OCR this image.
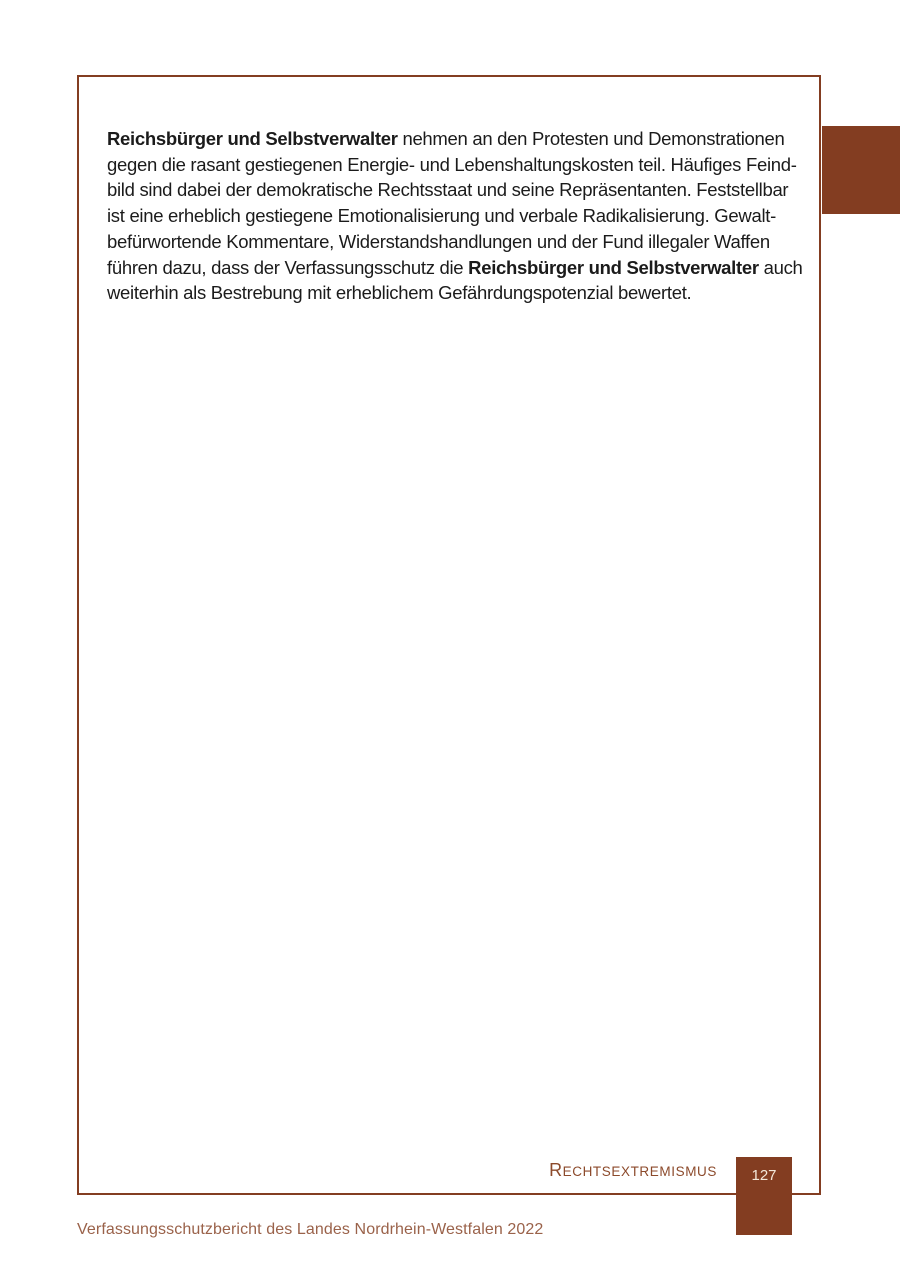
Reichsbürger und Selbstverwalter nehmen an den Protesten und Demonstrationen

gegen die rasant gestiegenen Energie- und Lebenshaltungskosten teil. Häufiges Feind-

bild sind dabei der demokratische Rechtsstaat und seine Repräsentanten. Feststellbar

ist eine erheblich gestiegene Emotionalisierung und verbale Radikalisierung. Gewalt-

befürwortende Kommentare, Widerstandshandlungen und der Fund illegaler Waffen

führen dazu, dass der Verfassungsschutz die Reichsbürger und Selbstverwalter auch

weiterhin als Bestrebung mit erheblichem Gefährdungspotenzial bewertet.

RECHTSEXTREMISMUS	127
Verfassungsschutzbericht des Landes Nordrhein-Westfalen 2022
